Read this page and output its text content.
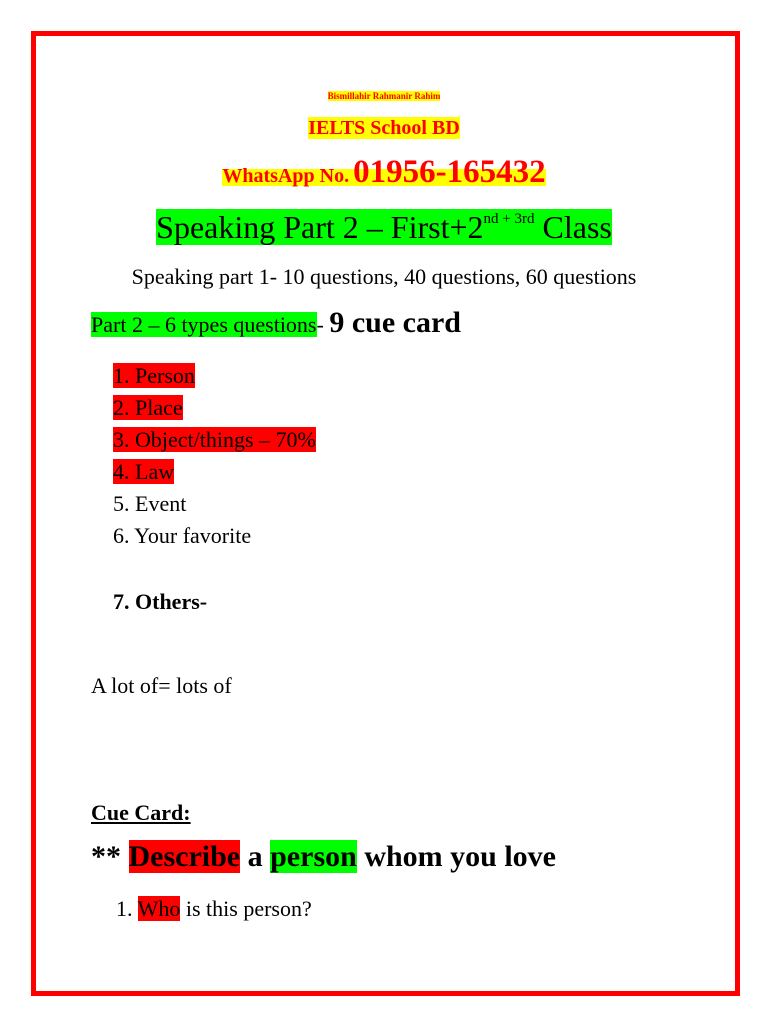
Bismillahir Rahmanir Rahim
IELTS School BD
WhatsApp No. 01956-165432
Speaking Part $2 - First+2^{nd + 3rd}$ Class
Speaking part 1- 10 questions, 40 questions, 60 questions
Part 2 – 6 types questions- 9 cue card
1. Person
2. Place
3. Object/things – 70%
4. Law
5. Event
6. Your favorite
7. Others-
A lot of= lots of
Cue Card:
** Describe a person whom you love
1. Who is this person?
